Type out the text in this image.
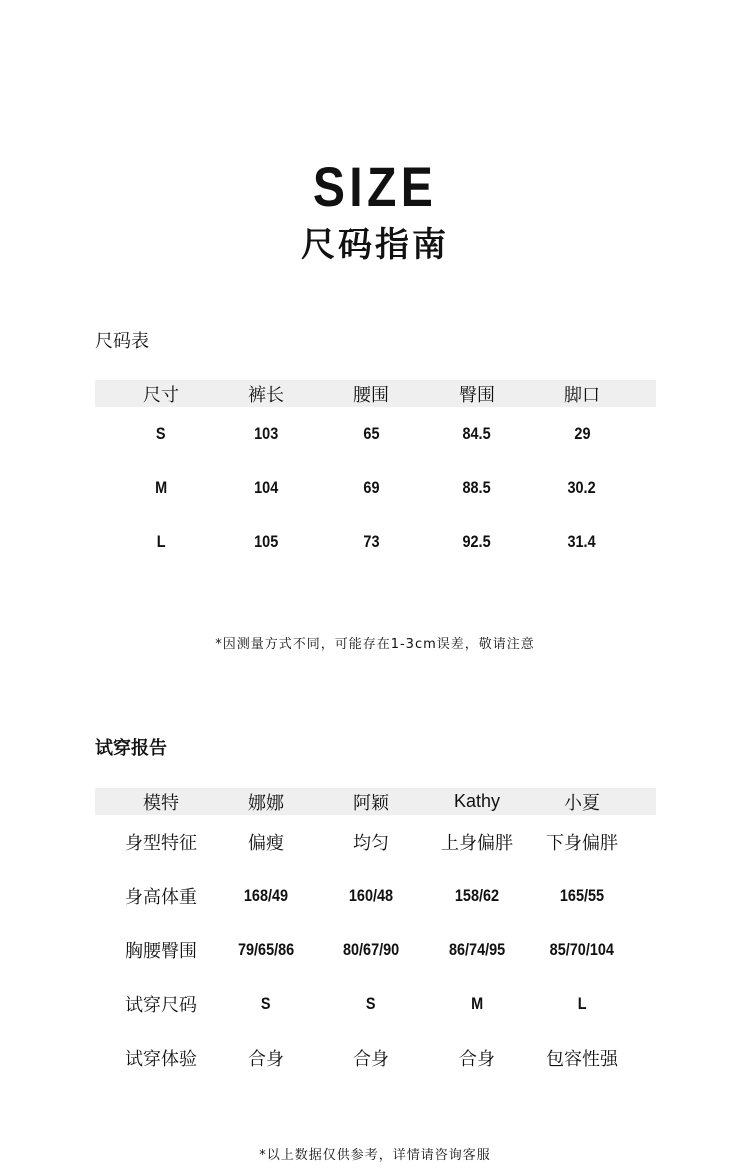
SIZE
尺码指南
尺码表
尺寸	裤长	腰围	臀围	脚口
S	103	65	84.5	29
M	104	69	88.5	30.2
L	105	73	92.5	31.4
*因测量方式不同，可能存在1-3cm误差，敬请注意
试穿报告
模特	娜娜	阿颖	Kathy	小夏
身型特征	偏瘦	均匀	上身偏胖	下身偏胖
身高体重	168/49	160/48	158/62	165/55
胸腰臀围	79/65/86	80/67/90	86/74/95	85/70/104
试穿尺码	S	S	M	L
试穿体验	合身	合身	合身	包容性强
*以上数据仅供参考，详情请咨询客服
